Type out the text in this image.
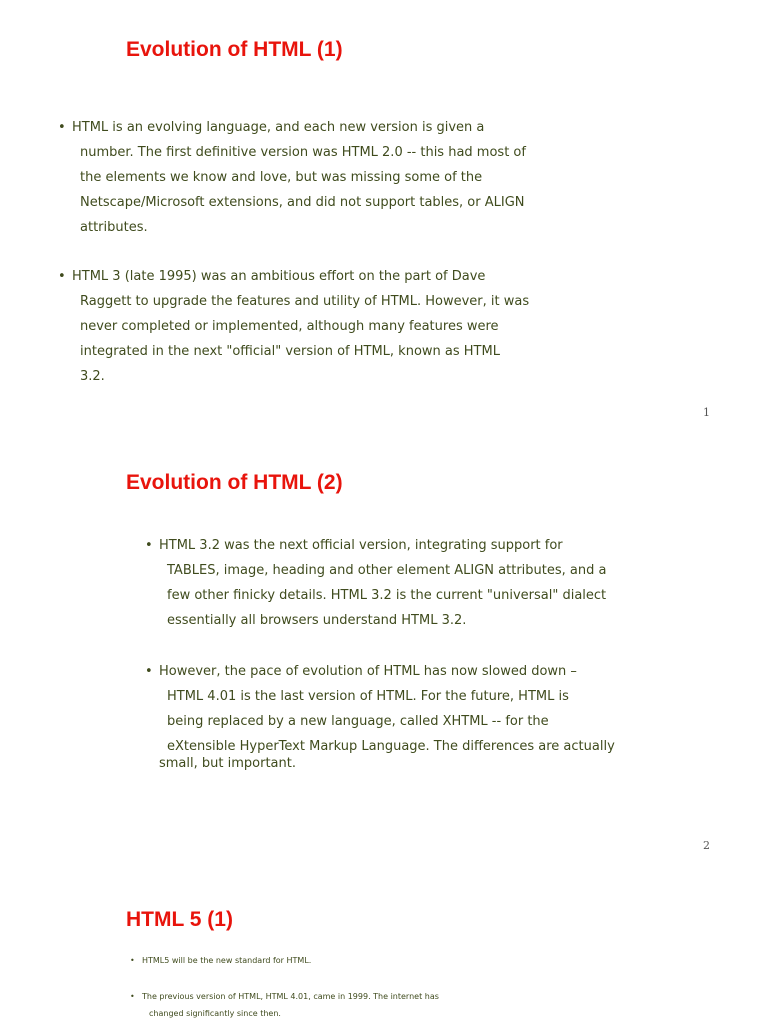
Evolution of HTML (1)
• HTML is an evolving language, and each new version is given a
number. The first definitive version was HTML 2.0 -- this had most of
the elements we know and love, but was missing some of the
Netscape/Microsoft extensions, and did not support tables, or ALIGN
attributes.
• HTML 3 (late 1995) was an ambitious effort on the part of Dave
Raggett to upgrade the features and utility of HTML. However, it was
never completed or implemented, although many features were
integrated in the next "official" version of HTML, known as HTML
3.2.
1
Evolution of HTML (2)
• HTML 3.2 was the next official version, integrating support for
TABLES, image, heading and other element ALIGN attributes, and a
few other finicky details. HTML 3.2 is the current "universal" dialect
essentially all browsers understand HTML 3.2.
• However, the pace of evolution of HTML has now slowed down –
HTML 4.01 is the last version of HTML. For the future, HTML is
being replaced by a new language, called XHTML -- for the
eXtensible HyperText Markup Language. The differences are actually
small, but important.
2
HTML 5 (1)
• HTML5 will be the new standard for HTML.
• The previous version of HTML, HTML 4.01, came in 1999. The internet has
changed significantly since then.
